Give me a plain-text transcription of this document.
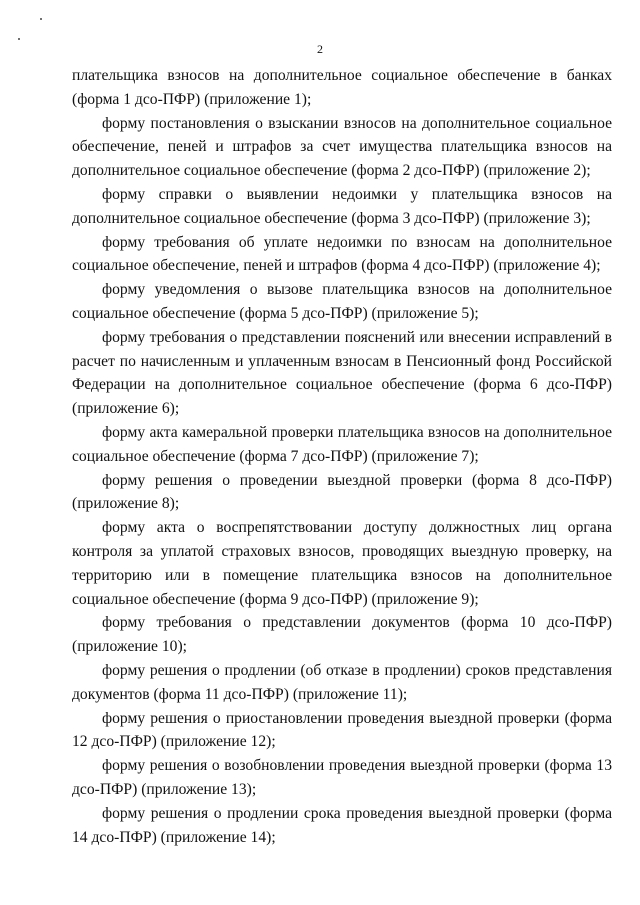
2

плательщика взносов на дополнительное социальное обеспечение в банках (форма 1 дсо-ПФР) (приложение 1);

форму постановления о взыскании взносов на дополнительное социальное обеспечение, пеней и штрафов за счет имущества плательщика взносов на дополнительное социальное обеспечение (форма 2 дсо-ПФР) (приложение 2);

форму справки о выявлении недоимки у плательщика взносов на дополнительное социальное обеспечение (форма 3 дсо-ПФР) (приложение 3);

форму требования об уплате недоимки по взносам на дополнительное социальное обеспечение, пеней и штрафов (форма 4 дсо-ПФР) (приложение 4);

форму уведомления о вызове плательщика взносов на дополнительное социальное обеспечение (форма 5 дсо-ПФР) (приложение 5);

форму требования о представлении пояснений или внесении исправлений в расчет по начисленным и уплаченным взносам в Пенсионный фонд Российской Федерации на дополнительное социальное обеспечение (форма 6 дсо-ПФР) (приложение 6);

форму акта камеральной проверки плательщика взносов на дополнительное социальное обеспечение (форма 7 дсо-ПФР) (приложение 7);

форму решения о проведении выездной проверки (форма 8 дсо-ПФР) (приложение 8);

форму акта о воспрепятствовании доступу должностных лиц органа контроля за уплатой страховых взносов, проводящих выездную проверку, на территорию или в помещение плательщика взносов на дополнительное социальное обеспечение (форма 9 дсо-ПФР) (приложение 9);

форму требования о представлении документов (форма 10 дсо-ПФР) (приложение 10);

форму решения о продлении (об отказе в продлении) сроков представления документов (форма 11 дсо-ПФР) (приложение 11);

форму решения о приостановлении проведения выездной проверки (форма 12 дсо-ПФР) (приложение 12);

форму решения о возобновлении проведения выездной проверки (форма 13 дсо-ПФР) (приложение 13);

форму решения о продлении срока проведения выездной проверки (форма 14 дсо-ПФР) (приложение 14);
